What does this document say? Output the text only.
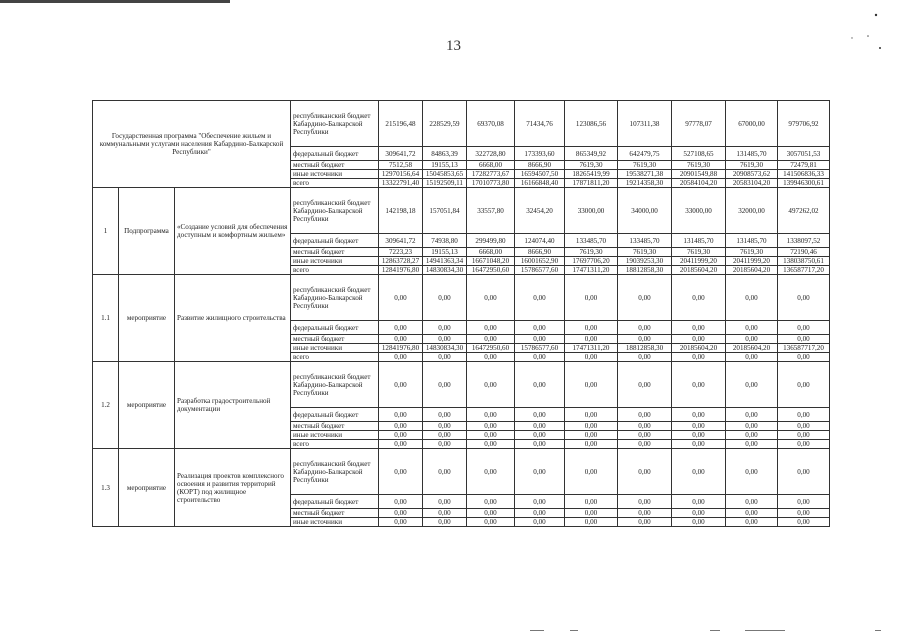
13
Государственная программа "Обеспечение жильем и коммунальными услугами населения Кабардино-Балкарской Республики"			республиканский бюджет Кабардино-Балкарской Республики	215196,48	228529,59	69370,08	71434,76	123086,56	107311,38	97778,07	67000,00	979706,92
			федеральный бюджет	309641,72	84863,39	322728,80	173393,60	865349,92	642479,75	527108,65	131485,70	3057051,53
			местный бюджет	7512,58	19155,13	6668,00	8666,90	7619,30	7619,30	7619,30	7619,30	72479,81
			иные источники	12970156,64	15045853,65	17282773,67	16594507,50	18265419,99	19538271,38	20901549,88	20908573,62	141506836,33
			всего	13322791,40	15192509,11	17010773,80	16166848,40	17871811,20	19214358,30	20584104,20	20583104,20	139946300,61
1	Подпрограмма	«Создание условий для обеспечения доступным и комфортным жильем»	республиканский бюджет Кабардино-Балкарской Республики	142198,18	157051,84	33557,80	32454,20	33000,00	34000,00	33000,00	32000,00	497262,02
			федеральный бюджет	309641,72	74938,80	299499,80	124074,40	133485,70	133485,70	131485,70	131485,70	1338097,52
			местный бюджет	7223,23	19155,13	6668,00	8666,90	7619,30	7619,30	7619,30	7619,30	72190,46
			иные источники	12863728,27	14941363,34	16671048,20	16001652,90	17697706,20	19039253,30	20411999,20	20411999,20	138038750,61
			всего	12841976,80	14830834,30	16472950,60	15786577,60	17471311,20	18812858,30	20185604,20	20185604,20	136587717,20
1.1	мероприятие	Развитие жилищного строительства	республиканский бюджет Кабардино-Балкарской Республики	0,00	0,00	0,00	0,00	0,00	0,00	0,00	0,00	0,00
			федеральный бюджет	0,00	0,00	0,00	0,00	0,00	0,00	0,00	0,00	0,00
			местный бюджет	0,00	0,00	0,00	0,00	0,00	0,00	0,00	0,00	0,00
			иные источники	12841976,80	14830834,30	16472950,60	15786577,60	17471311,20	18812858,30	20185604,20	20185604,20	136587717,20
			всего	0,00	0,00	0,00	0,00	0,00	0,00	0,00	0,00	0,00
1.2	мероприятие	Разработка градостроительной документации	республиканский бюджет Кабардино-Балкарской Республики	0,00	0,00	0,00	0,00	0,00	0,00	0,00	0,00	0,00
			федеральный бюджет	0,00	0,00	0,00	0,00	0,00	0,00	0,00	0,00	0,00
			местный бюджет	0,00	0,00	0,00	0,00	0,00	0,00	0,00	0,00	0,00
			иные источники	0,00	0,00	0,00	0,00	0,00	0,00	0,00	0,00	0,00
			всего	0,00	0,00	0,00	0,00	0,00	0,00	0,00	0,00	0,00
1.3	мероприятие	Реализация проектов комплексного освоения и развития территорий (КОРТ) под жилищное строительство	республиканский бюджет Кабардино-Балкарской Республики	0,00	0,00	0,00	0,00	0,00	0,00	0,00	0,00	0,00
			федеральный бюджет	0,00	0,00	0,00	0,00	0,00	0,00	0,00	0,00	0,00
			местный бюджет	0,00	0,00	0,00	0,00	0,00	0,00	0,00	0,00	0,00
			иные источники	0,00	0,00	0,00	0,00	0,00	0,00	0,00	0,00	0,00
